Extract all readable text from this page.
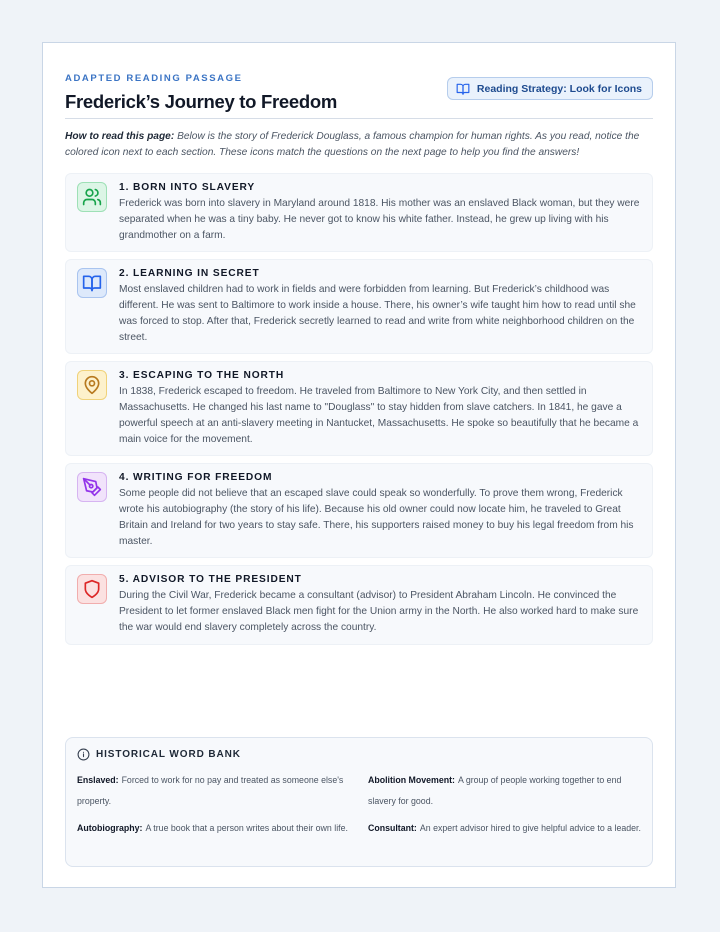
ADAPTED READING PASSAGE
Frederick’s Journey to Freedom
Reading Strategy: Look for Icons
How to read this page: Below is the story of Frederick Douglass, a famous champion for human rights. As you read, notice the colored icon next to each section. These icons match the questions on the next page to help you find the answers!
1. BORN INTO SLAVERY
Frederick was born into slavery in Maryland around 1818. His mother was an enslaved Black woman, but they were separated when he was a tiny baby. He never got to know his white father. Instead, he grew up living with his grandmother on a farm.
2. LEARNING IN SECRET
Most enslaved children had to work in fields and were forbidden from learning. But Frederick’s childhood was different. He was sent to Baltimore to work inside a house. There, his owner’s wife taught him how to read until she was forced to stop. After that, Frederick secretly learned to read and write from white neighborhood children on the street.
3. ESCAPING TO THE NORTH
In 1838, Frederick escaped to freedom. He traveled from Baltimore to New York City, and then settled in Massachusetts. He changed his last name to "Douglass" to stay hidden from slave catchers. In 1841, he gave a powerful speech at an anti-slavery meeting in Nantucket, Massachusetts. He spoke so beautifully that he became a main voice for the movement.
4. WRITING FOR FREEDOM
Some people did not believe that an escaped slave could speak so wonderfully. To prove them wrong, Frederick wrote his autobiography (the story of his life). Because his old owner could now locate him, he traveled to Great Britain and Ireland for two years to stay safe. There, his supporters raised money to buy his legal freedom from his master.
5. ADVISOR TO THE PRESIDENT
During the Civil War, Frederick became a consultant (advisor) to President Abraham Lincoln. He convinced the President to let former enslaved Black men fight for the Union army in the North. He also worked hard to make sure the war would end slavery completely across the country.
HISTORICAL WORD BANK
Enslaved: Forced to work for no pay and treated as someone else's property.
Abolition Movement: A group of people working together to end slavery for good.
Autobiography: A true book that a person writes about their own life.	Consultant: An expert advisor hired to give helpful advice to a leader.
